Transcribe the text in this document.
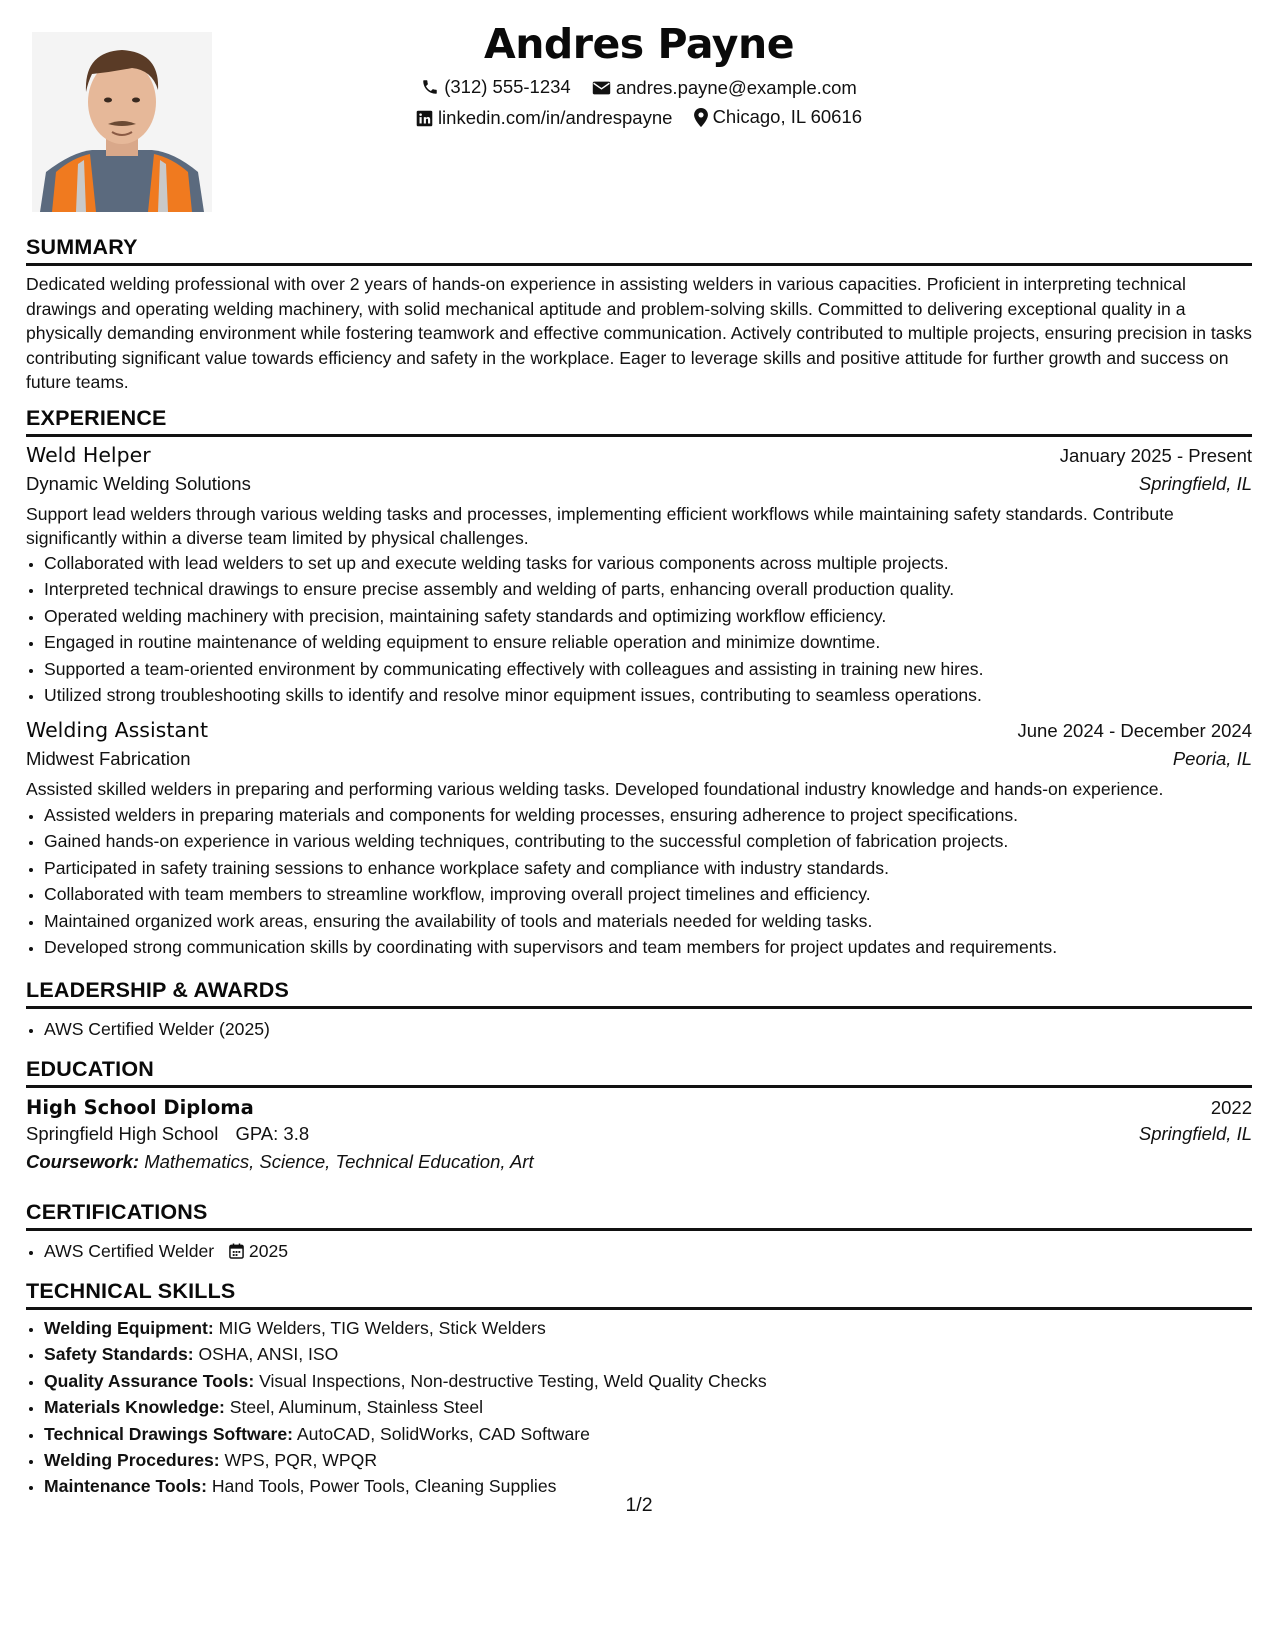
Andres Payne
(312) 555-1234
andres.payne@example.com
linkedin.com/in/andrespayne
Chicago, IL 60616
SUMMARY

Dedicated welding professional with over 2 years of hands-on experience in assisting welders in various capacities. Proficient in interpreting technical drawings and operating welding machinery, with solid mechanical aptitude and problem-solving skills. Committed to delivering exceptional quality in a physically demanding environment while fostering teamwork and effective communication. Actively contributed to multiple projects, ensuring precision in tasks contributing significant value towards efficiency and safety in the workplace. Eager to leverage skills and positive attitude for further growth and success on future teams.

EXPERIENCE
Weld Helper	January 2025 - Present
Dynamic Welding Solutions	Springfield, IL

Support lead welders through various welding tasks and processes, implementing efficient workflows while maintaining safety standards. Contribute significantly within a diverse team limited by physical challenges.

• Collaborated with lead welders to set up and execute welding tasks for various components across multiple projects.
• Interpreted technical drawings to ensure precise assembly and welding of parts, enhancing overall production quality.
• Operated welding machinery with precision, maintaining safety standards and optimizing workflow efficiency.
• Engaged in routine maintenance of welding equipment to ensure reliable operation and minimize downtime.
• Supported a team-oriented environment by communicating effectively with colleagues and assisting in training new hires.
• Utilized strong troubleshooting skills to identify and resolve minor equipment issues, contributing to seamless operations.
Welding Assistant	June 2024 - December 2024
Midwest Fabrication	Peoria, IL

Assisted skilled welders in preparing and performing various welding tasks. Developed foundational industry knowledge and hands-on experience.

• Assisted welders in preparing materials and components for welding processes, ensuring adherence to project specifications.
• Gained hands-on experience in various welding techniques, contributing to the successful completion of fabrication projects.
• Participated in safety training sessions to enhance workplace safety and compliance with industry standards.
• Collaborated with team members to streamline workflow, improving overall project timelines and efficiency.
• Maintained organized work areas, ensuring the availability of tools and materials needed for welding tasks.
• Developed strong communication skills by coordinating with supervisors and team members for project updates and requirements.
LEADERSHIP & AWARDS
• AWS Certified Welder (2025)
EDUCATION
High School Diploma	2022
Springfield High School GPA: 3.8	Springfield, IL
Coursework: Mathematics, Science, Technical Education, Art
CERTIFICATIONS
• AWS Certified Welder 2025
TECHNICAL SKILLS
• Welding Equipment: MIG Welders, TIG Welders, Stick Welders
• Safety Standards: OSHA, ANSI, ISO
• Quality Assurance Tools: Visual Inspections, Non-destructive Testing, Weld Quality Checks
• Materials Knowledge: Steel, Aluminum, Stainless Steel
• Technical Drawings Software: AutoCAD, SolidWorks, CAD Software
• Welding Procedures: WPS, PQR, WPQR
• Maintenance Tools: Hand Tools, Power Tools, Cleaning Supplies
1/2
